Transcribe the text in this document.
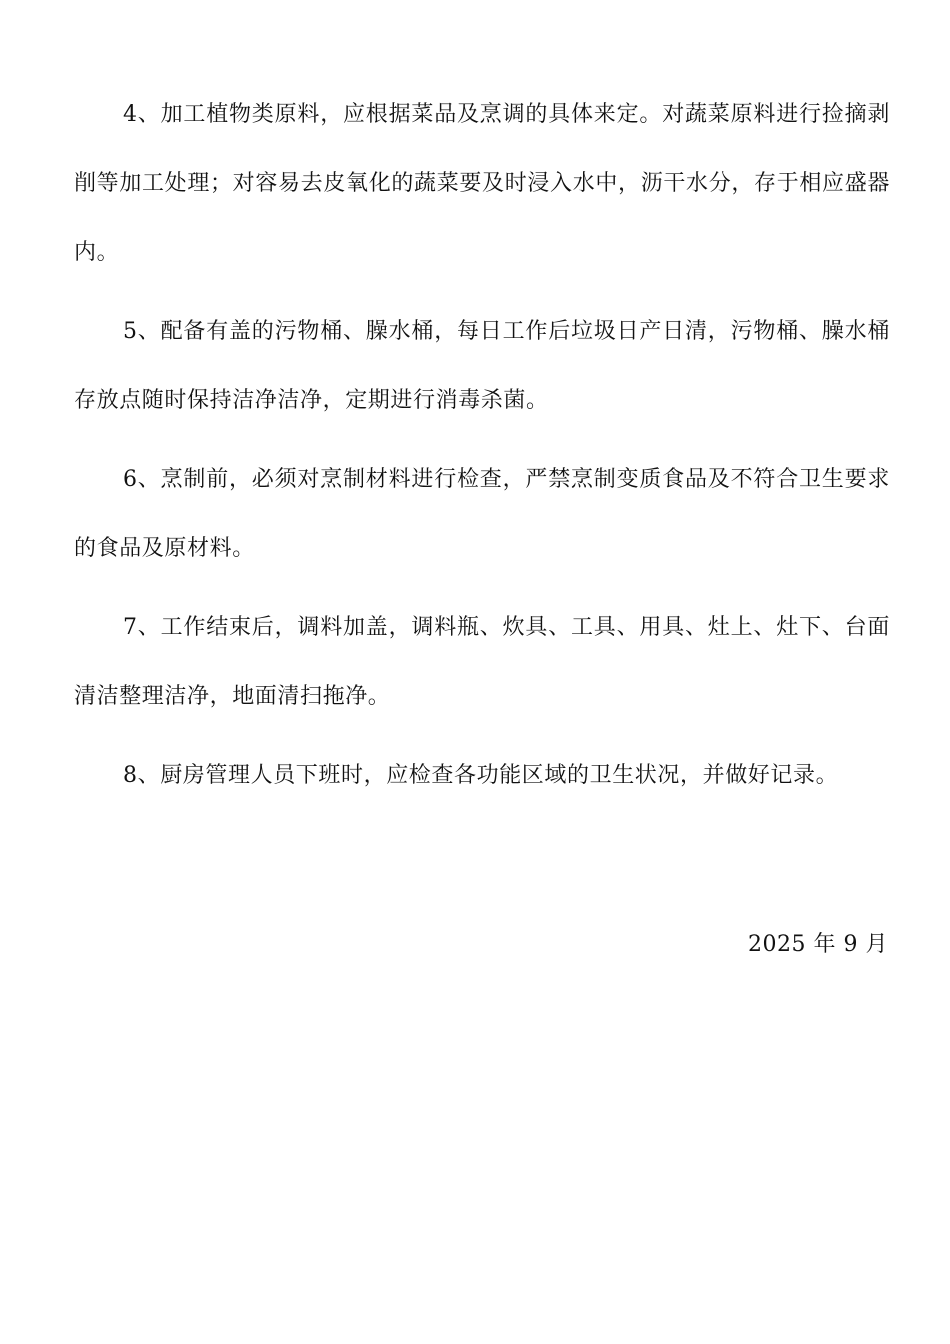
4、加工植物类原料，应根据菜品及烹调的具体来定。对蔬菜原料进行捡摘剥削等加工处理；对容易去皮氧化的蔬菜要及时浸入水中，沥干水分，存于相应盛器内。

5、配备有盖的污物桶、臊水桶，每日工作后垃圾日产日清，污物桶、臊水桶存放点随时保持洁净洁净，定期进行消毒杀菌。

6、烹制前，必须对烹制材料进行检查，严禁烹制变质食品及不符合卫生要求的食品及原材料。

7、工作结束后，调料加盖，调料瓶、炊具、工具、用具、灶上、灶下、台面清洁整理洁净，地面清扫拖净。

8、厨房管理人员下班时，应检查各功能区域的卫生状况，并做好记录。

2025 年 9 月
